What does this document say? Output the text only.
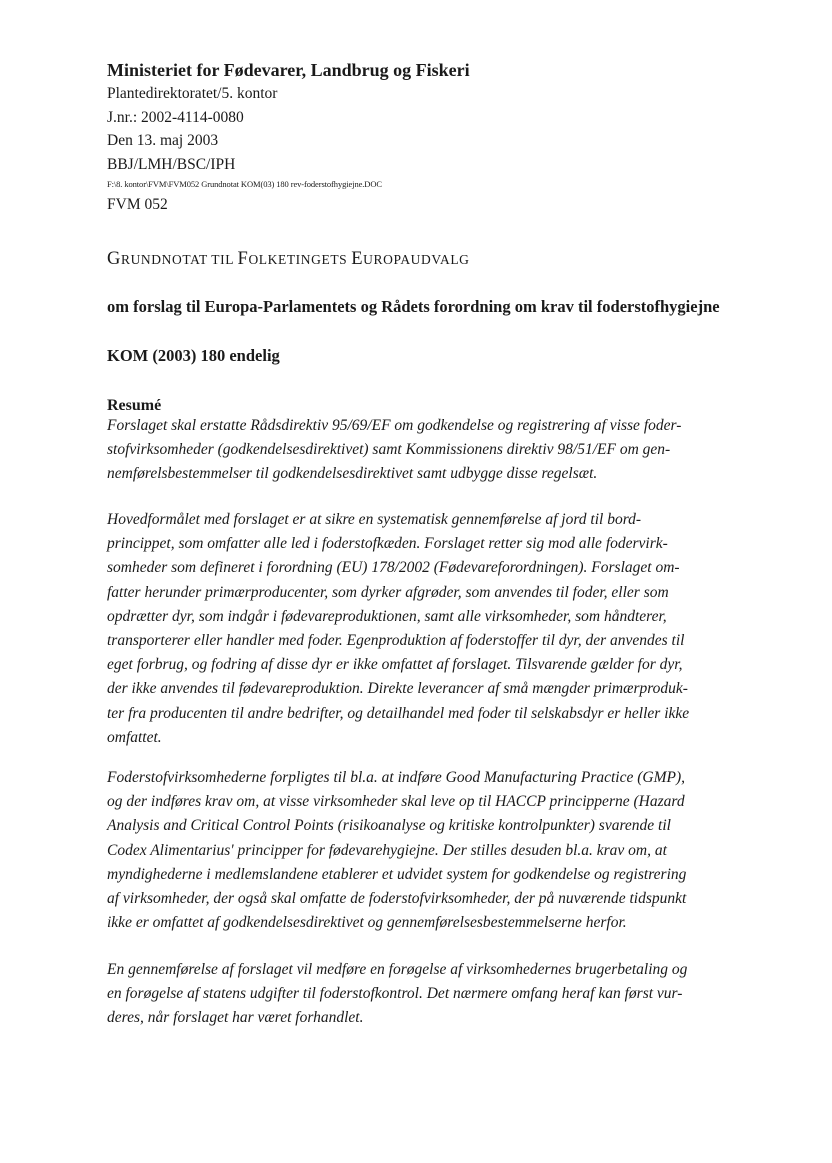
Ministeriet for Fødevarer, Landbrug og Fiskeri

Plantedirektoratet/5. kontor

J.nr.: 2002-4114-0080

Den 13. maj 2003

BBJ/LMH/BSC/IPH

F:\8. kontor\FVM\FVM052 Grundnotat KOM(03) 180 rev-foderstofhygiejne.DOC

FVM 052

GRUNDNOTAT TIL FOLKETINGETS EUROPAUDVALG

om forslag til Europa-Parlamentets og Rådets forordning om krav til foderstofhygiejne

KOM (2003) 180 endelig

Resumé

Forslaget skal erstatte Rådsdirektiv 95/69/EF om godkendelse og registrering af visse foder-
stofvirksomheder (godkendelsesdirektivet) samt Kommissionens direktiv 98/51/EF om gen-
nemførelsbestemmelser til godkendelsesdirektivet samt udbygge disse regelsæt.

Hovedformålet med forslaget er at sikre en systematisk gennemførelse af jord til bord-
princippet, som omfatter alle led i foderstofkæden. Forslaget retter sig mod alle fodervirk-
somheder som defineret i forordning (EU) 178/2002 (Fødevareforordningen). Forslaget om-
fatter herunder primærproducenter, som dyrker afgrøder, som anvendes til foder, eller som
opdrætter dyr, som indgår i fødevareproduktionen, samt alle virksomheder, som håndterer,
transporterer eller handler med foder. Egenproduktion af foderstoffer til dyr, der anvendes til
eget forbrug, og fodring af disse dyr er ikke omfattet af forslaget. Tilsvarende gælder for dyr,
der ikke anvendes til fødevareproduktion. Direkte leverancer af små mængder primærproduk-
ter fra producenten til andre bedrifter, og detailhandel med foder til selskabsdyr er heller ikke
omfattet.

Foderstofvirksomhederne forpligtes til bl.a. at indføre Good Manufacturing Practice (GMP),
og der indføres krav om, at visse virksomheder skal leve op til HACCP principperne (Hazard
Analysis and Critical Control Points (risikoanalyse og kritiske kontrolpunkter) svarende til
Codex Alimentarius' principper for fødevarehygiejne. Der stilles desuden bl.a. krav om, at
myndighederne i medlemslandene etablerer et udvidet system for godkendelse og registrering
af virksomheder, der også skal omfatte de foderstofvirksomheder, der på nuværende tidspunkt
ikke er omfattet af godkendelsesdirektivet og gennemførelsesbestemmelserne herfor.

En gennemførelse af forslaget vil medføre en forøgelse af virksomhedernes brugerbetaling og
en forøgelse af statens udgifter til foderstofkontrol. Det nærmere omfang heraf kan først vur-
deres, når forslaget har været forhandlet.
